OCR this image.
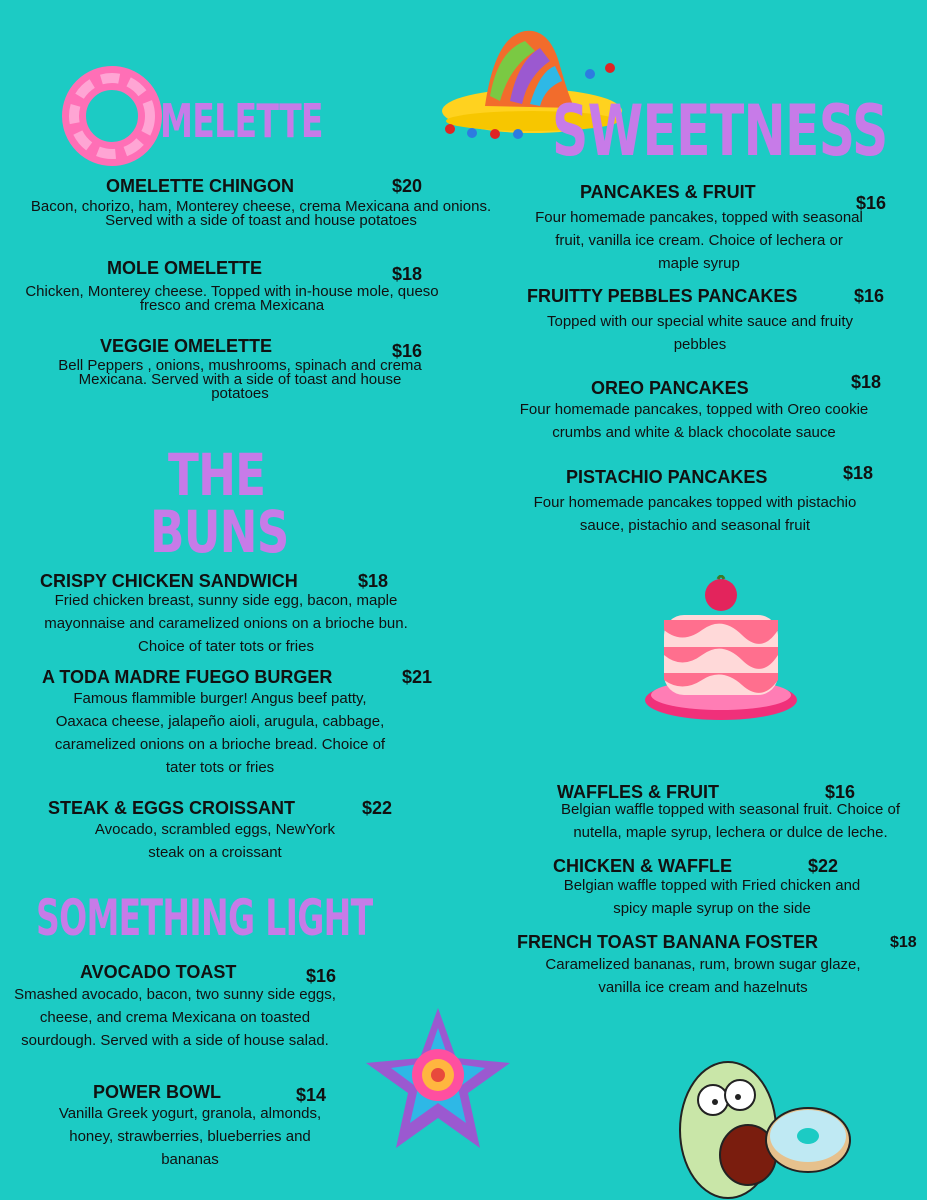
MELETTE	SWEETNESS
THE
BUNS
SOMETHING LIGHT
OMELETTE CHINGON	$20
Bacon, chorizo, ham, Monterey cheese, crema Mexicana and onions. Served with a side of toast and house potatoes
MOLE OMELETTE	$18
Chicken, Monterey cheese. Topped with in-house mole, queso fresco and crema Mexicana
VEGGIE OMELETTE	$16
Bell Peppers , onions, mushrooms, spinach and crema Mexicana. Served with a side of toast and house potatoes
CRISPY CHICKEN SANDWICH	$18
Fried chicken breast, sunny side egg, bacon, maple mayonnaise and caramelized onions on a brioche bun. Choice of tater tots or fries
A TODA MADRE FUEGO BURGER	$21
Famous flammible burger! Angus beef patty, Oaxaca cheese, jalapeño aioli, arugula, cabbage, caramelized onions on a brioche bread. Choice of tater tots or fries
STEAK & EGGS CROISSANT	$22
Avocado, scrambled eggs, NewYork steak on a croissant
AVOCADO TOAST	$16
Smashed avocado, bacon, two sunny side eggs, cheese, and crema Mexicana on toasted sourdough. Served with a side of house salad.
POWER BOWL	$14
Vanilla Greek yogurt, granola, almonds, honey, strawberries, blueberries and bananas
PANCAKES & FRUIT
$16
Four homemade pancakes, topped with seasonal fruit, vanilla ice cream. Choice of lechera or maple syrup
FRUITTY PEBBLES PANCAKES	$16
Topped with our special white sauce and fruity pebbles
OREO PANCAKES	$18
Four homemade pancakes, topped with Oreo cookie crumbs and white & black chocolate sauce
PISTACHIO PANCAKES	$18
Four homemade pancakes topped with pistachio sauce, pistachio and seasonal fruit
WAFFLES & FRUIT	$16
Belgian waffle topped with seasonal fruit. Choice of nutella, maple syrup, lechera or dulce de leche.
CHICKEN & WAFFLE	$22
Belgian waffle topped with Fried chicken and spicy maple syrup on the side
FRENCH TOAST BANANA FOSTER	$18
Caramelized bananas, rum, brown sugar glaze, vanilla ice cream and hazelnuts
